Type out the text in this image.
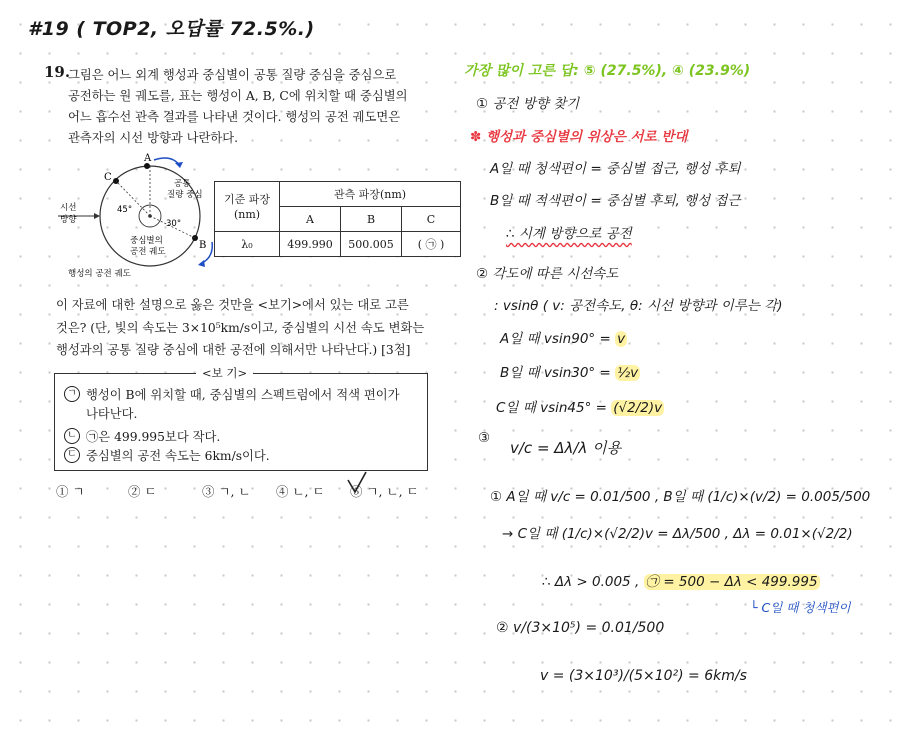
#19 ( TOP2, 오답률 72.5%.)
19.
그림은 어느 외계 행성과 중심별이 공통 질량 중심을 중심으로
공전하는 원 궤도를, 표는 행성이 A, B, C에 위치할 때 중심별의
어느 흡수선 관측 결과를 나타낸 것이다. 행성의 공전 궤도면은
관측자의 시선 방향과 나란하다.
A
B
C
45°
30°
공통
질량 중심
중심별의
공전 궤도
시선
방향
행성의 공전 궤도
기준 파장
(nm)	관측 파장(nm)		
	A	B	C
λ₀	499.990	500.005	( ㉠ )
이 자료에 대한 설명으로 옳은 것만을 <보기>에서 있는 대로 고른
것은? (단, 빛의 속도는 3×10⁵km/s이고, 중심별의 시선 속도 변화는
행성과의 공통 질량 중심에 대한 공전에 의해서만 나타난다.) [3점]
<보 기>
ㄱ 행성이 B에 위치할 때, 중심별의 스펙트럼에서 적색 편이가
나타난다.
ㄴ ㉠은 499.995보다 작다.
ㄷ 중심별의 공전 속도는 6km/s이다.
① ㄱ	② ㄷ	③ ㄱ, ㄴ ④ ㄴ, ㄷ ⑤ ㄱ, ㄴ, ㄷ
가장 많이 고른 답: ⑤ (27.5%), ④ (23.9%)
① 공전 방향 찾기
✽ 행성과 중심별의 위상은 서로 반대
A일 때 청색편이 = 중심별 접근, 행성 후퇴
B일 때 적색편이 = 중심별 후퇴, 행성 접근
∴ 시계 방향으로 공전
② 각도에 따른 시선속도
: vsinθ ( v: 공전속도, θ: 시선 방향과 이루는 각)
A일 때 vsin90° = v
B일 때 vsin30° = ½v
C일 때 vsin45° = (√2/2)v
③
v/c = Δλ/λ 이용
① A일 때 v/c = 0.01/500 , B일 때 (1/c)×(v/2) = 0.005/500
→ C일 때 (1/c)×(√2/2)v = Δλ/500 , Δλ = 0.01×(√2/2)
∴ Δλ > 0.005 , ㉠ = 500 − Δλ < 499.995
└ C일 때 청색편이
② v/(3×10⁵) = 0.01/500
v = (3×10³)/(5×10²) = 6km/s
